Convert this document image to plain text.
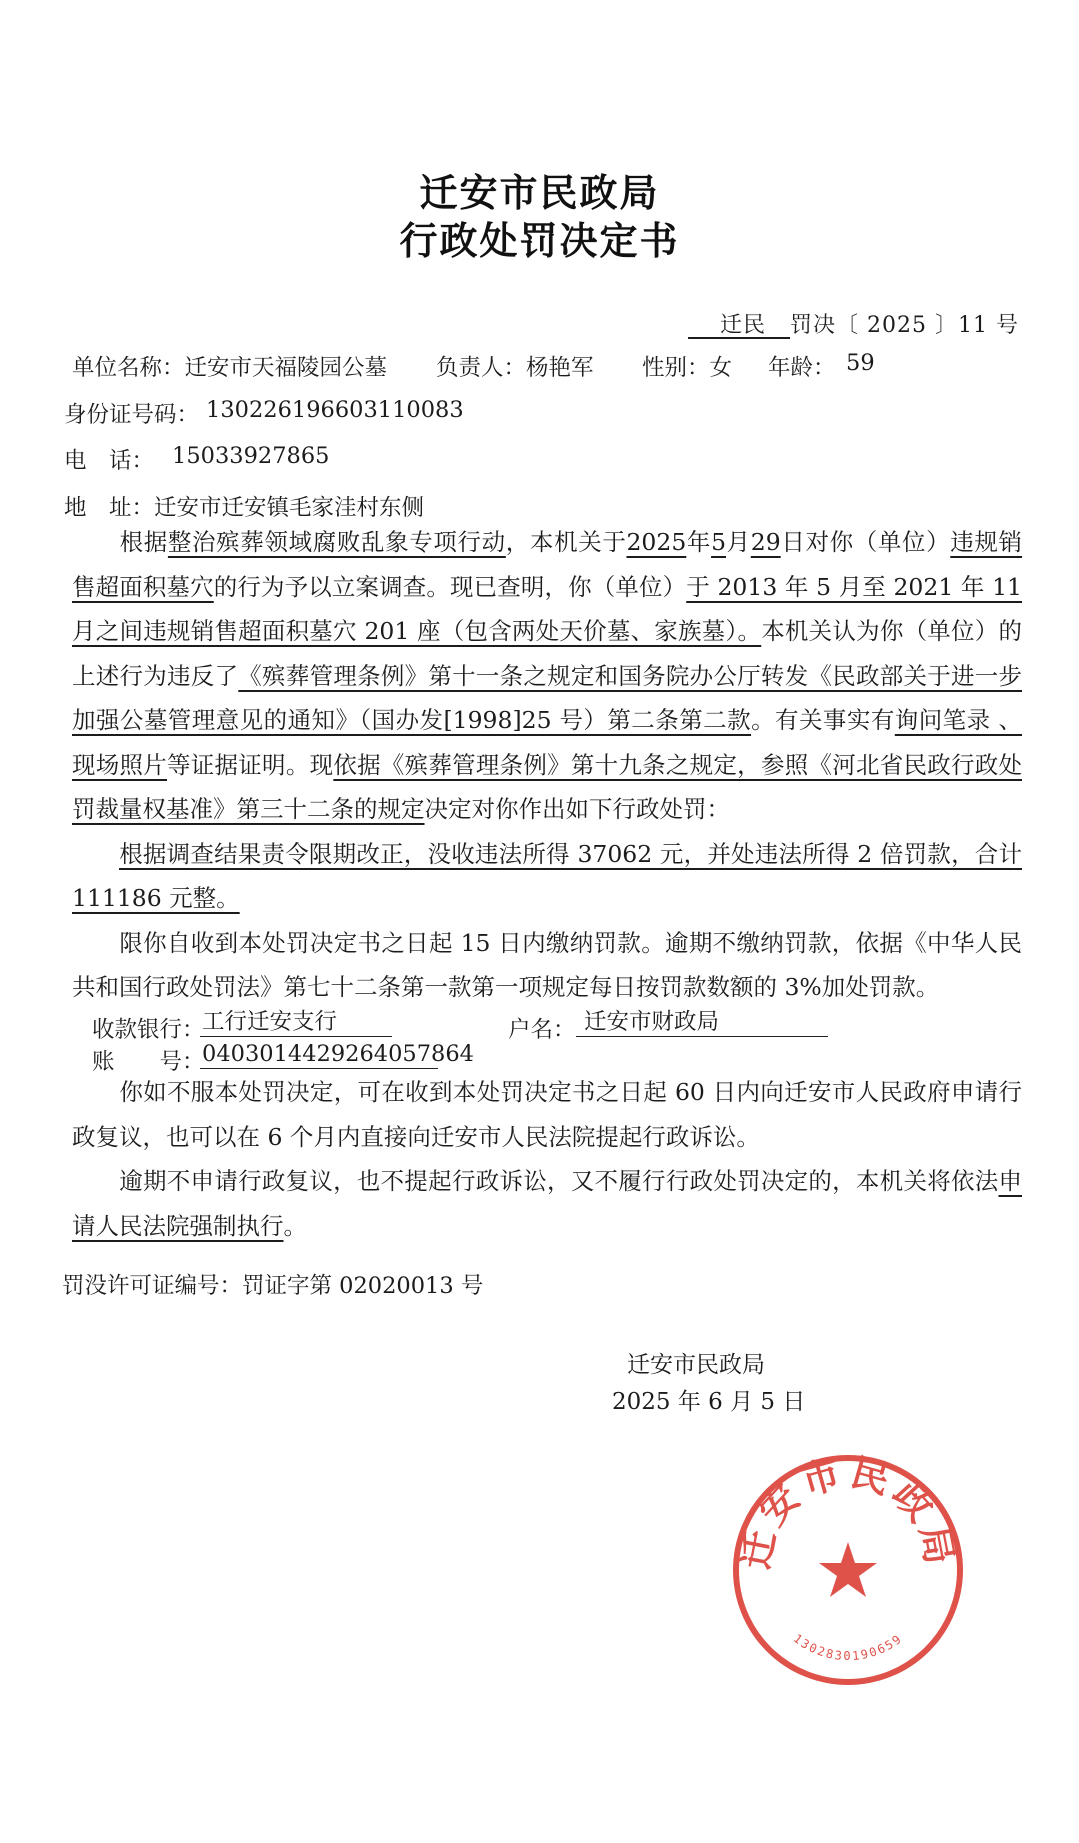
迁安市民政局
行政处罚决定书
迁民 罚决〔 2025 〕11 号
单位名称：迁安市天福陵园公墓 负责人：杨艳军 性别：女 年龄： 59
身份证号码： 130226196603110083
电　话： 15033927865
地　址：迁安市迁安镇毛家洼村东侧

根据整治殡葬领域腐败乱象专项行动，本机关于2025年5月29日对你（单位）违规销售超面积墓穴的行为予以立案调查。现已查明，你（单位）于 2013 年 5 月至 2021 年 11 月之间违规销售超面积墓穴 201 座（包含两处天价墓、家族墓）。本机关认为你（单位）的上述行为违反了《殡葬管理条例》第十一条之规定和国务院办公厅转发《民政部关于进一步加强公墓管理意见的通知》（国办发[1998]25 号）第二条第二款。有关事实有询问笔录 、现场照片等证据证明。现依据《殡葬管理条例》第十九条之规定，参照《河北省民政行政处罚裁量权基准》第三十二条的规定决定对你作出如下行政处罚：

根据调查结果责令限期改正，没收违法所得 37062 元，并处违法所得 2 倍罚款，合计 111186 元整。

限你自收到本处罚决定书之日起 15 日内缴纳罚款。逾期不缴纳罚款，依据《中华人民共和国行政处罚法》第七十二条第一款第一项规定每日按罚款数额的 3%加处罚款。

收款银行：
工行迁安支行	户名： 迁安市财政局
账　　号：
0403014429264057864

你如不服本处罚决定，可在收到本处罚决定书之日起 60 日内向迁安市人民政府申请行政复议，也可以在 6 个月内直接向迁安市人民法院提起行政诉讼。

逾期不申请行政复议，也不提起行政诉讼，又不履行行政处罚决定的，本机关将依法申请人民法院强制执行。

罚没许可证编号：罚证字第 02020013 号
迁安市民政局
1302830190659
迁安市民政局
2025 年 6 月 5 日
